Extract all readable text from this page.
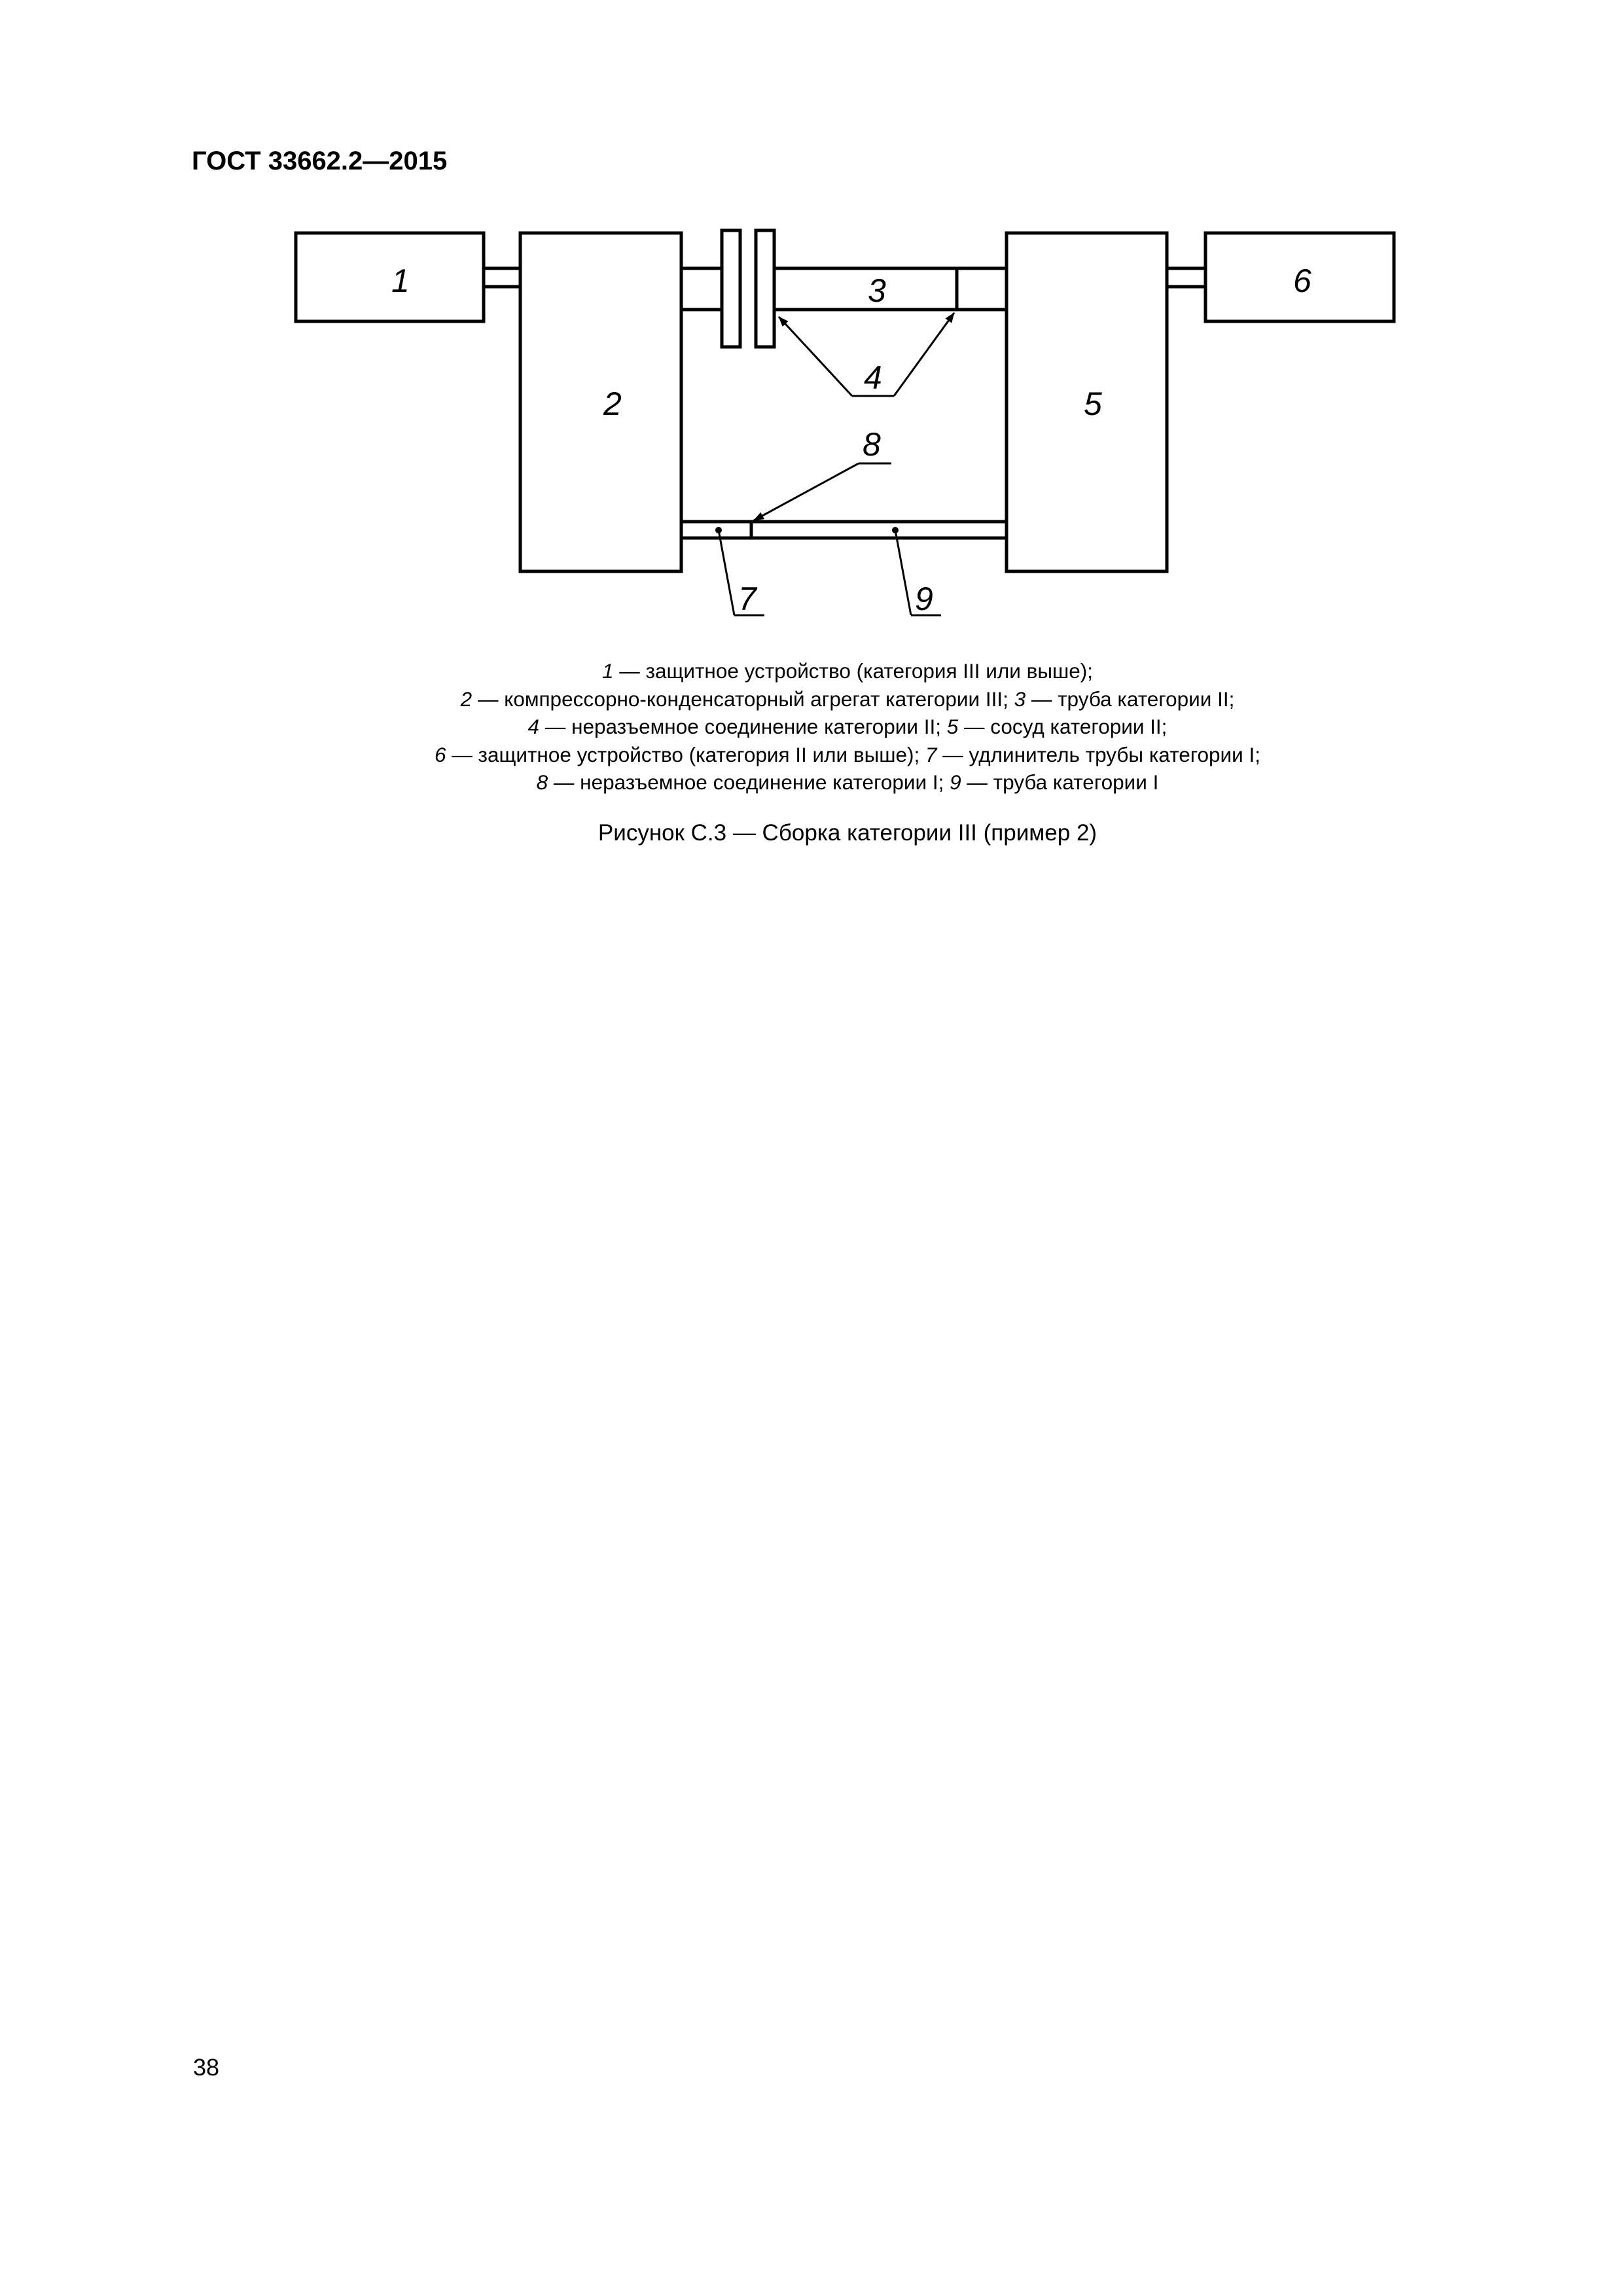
ГОСТ 33662.2—2015
1
2
3
4
5
6
7
8
9
1 — защитное устройство (категория III или выше);
2 — компрессорно-конденсаторный агрегат категории III; 3 — труба категории II;
4 — неразъемное соединение категории II; 5 — сосуд категории II;
6 — защитное устройство (категория II или выше); 7 — удлинитель трубы категории I;
8 — неразъемное соединение категории I; 9 — труба категории I
Рисунок С.3 — Сборка категории III (пример 2)
38
